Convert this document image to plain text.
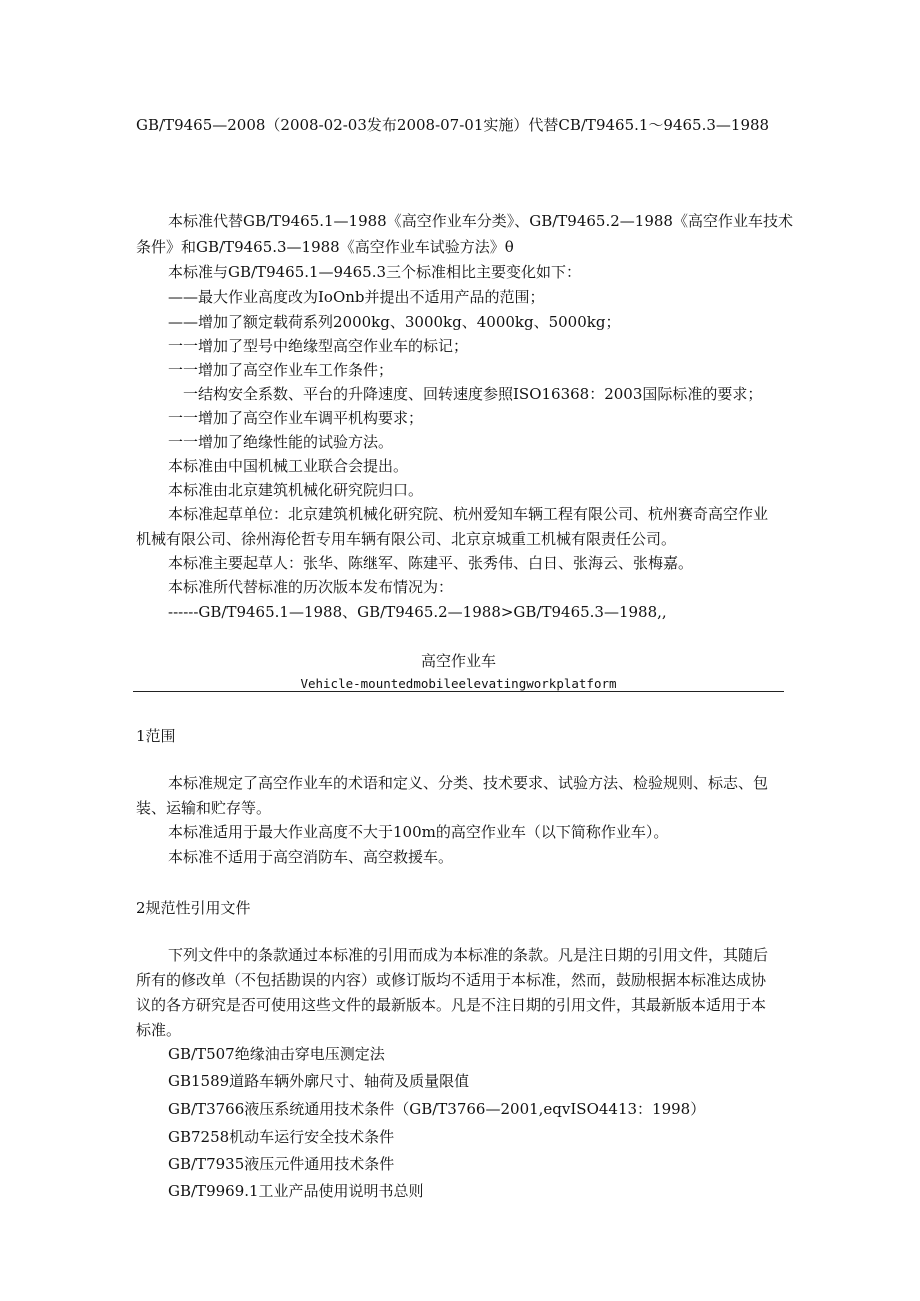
GB/T9465—2008（2008-02-03发布2008-07-01实施）代替CB/T9465.1～9465.3—1988
本标准代替GB/T9465.1—1988《高空作业车分类》、GB/T9465.2—1988《高空作业车技术
条件》和GB/T9465.3—1988《高空作业车试验方法》θ
本标准与GB/T9465.1—9465.3三个标准相比主要变化如下：
——最大作业高度改为IoOnb并提出不适用产品的范围；
——增加了额定载荷系列2000kg、3000kg、4000kg、5000kg；
一一增加了型号中绝缘型高空作业车的标记；
一一增加了高空作业车工作条件；
一结构安全系数、平台的升降速度、回转速度参照ISO16368：2003国际标准的要求；
一一增加了高空作业车调平机构要求；
一一增加了绝缘性能的试验方法。
本标准由中国机械工业联合会提出。
本标准由北京建筑机械化研究院归口。
本标准起草单位：北京建筑机械化研究院、杭州爱知车辆工程有限公司、杭州赛奇高空作业
机械有限公司、徐州海伦哲专用车辆有限公司、北京京城重工机械有限责任公司。
本标准主要起草人：张华、陈继军、陈建平、张秀伟、白日、张海云、张梅嘉。
本标准所代替标准的历次版本发布情况为：
------GB/T9465.1—1988、GB/T9465.2—1988>GB/T9465.3—1988,,
高空作业车
Vehicle-mountedmobileelevatingworkplatform
1范围
本标准规定了高空作业车的术语和定义、分类、技术要求、试验方法、检验规则、标志、包
装、运输和贮存等。
本标准适用于最大作业高度不大于100m的高空作业车（以下简称作业车）。
本标准不适用于高空消防车、高空救援车。
2规范性引用文件
下列文件中的条款通过本标准的引用而成为本标准的条款。凡是注日期的引用文件，其随后
所有的修改单（不包括勘误的内容）或修订版均不适用于本标准，然而，鼓励根据本标准达成协
议的各方研究是否可使用这些文件的最新版本。凡是不注日期的引用文件，其最新版本适用于本
标准。
GB/T507绝缘油击穿电压测定法
GB1589道路车辆外廓尺寸、轴荷及质量限值
GB/T3766液压系统通用技术条件（GB/T3766—2001,eqvISO4413：1998）
GB7258机动车运行安全技术条件
GB/T7935液压元件通用技术条件
GB/T9969.1工业产品使用说明书总则
